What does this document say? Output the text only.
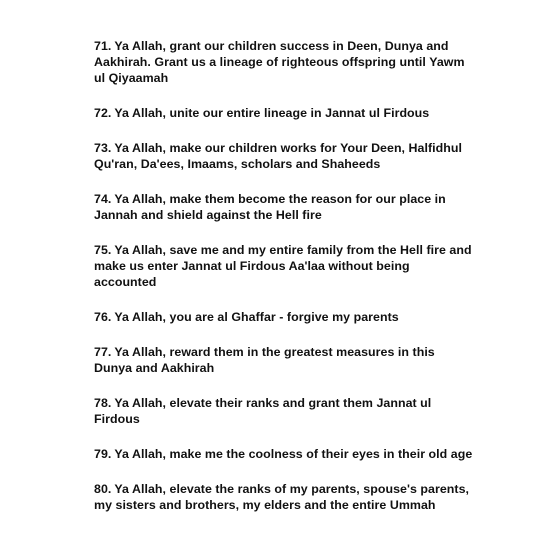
71. Ya Allah, grant our children success in Deen, Dunya and Aakhirah. Grant us a lineage of righteous offspring until Yawm ul Qiyaamah
72. Ya Allah, unite our entire lineage in Jannat ul Firdous
73. Ya Allah, make our children works for Your Deen, Halfidhul Qu'ran, Da'ees, Imaams, scholars and Shaheeds
74. Ya Allah, make them become the reason for our place in Jannah and shield against the Hell fire
75. Ya Allah, save me and my entire family from the Hell fire and make us enter Jannat ul Firdous Aa'laa without being accounted
76. Ya Allah, you are al Ghaffar - forgive my parents
77. Ya Allah, reward them in the greatest measures in this Dunya and Aakhirah
78. Ya Allah, elevate their ranks and grant them Jannat ul Firdous
79. Ya Allah, make me the coolness of their eyes in their old age
80. Ya Allah, elevate the ranks of my parents, spouse's parents, my sisters and brothers, my elders and the entire Ummah
